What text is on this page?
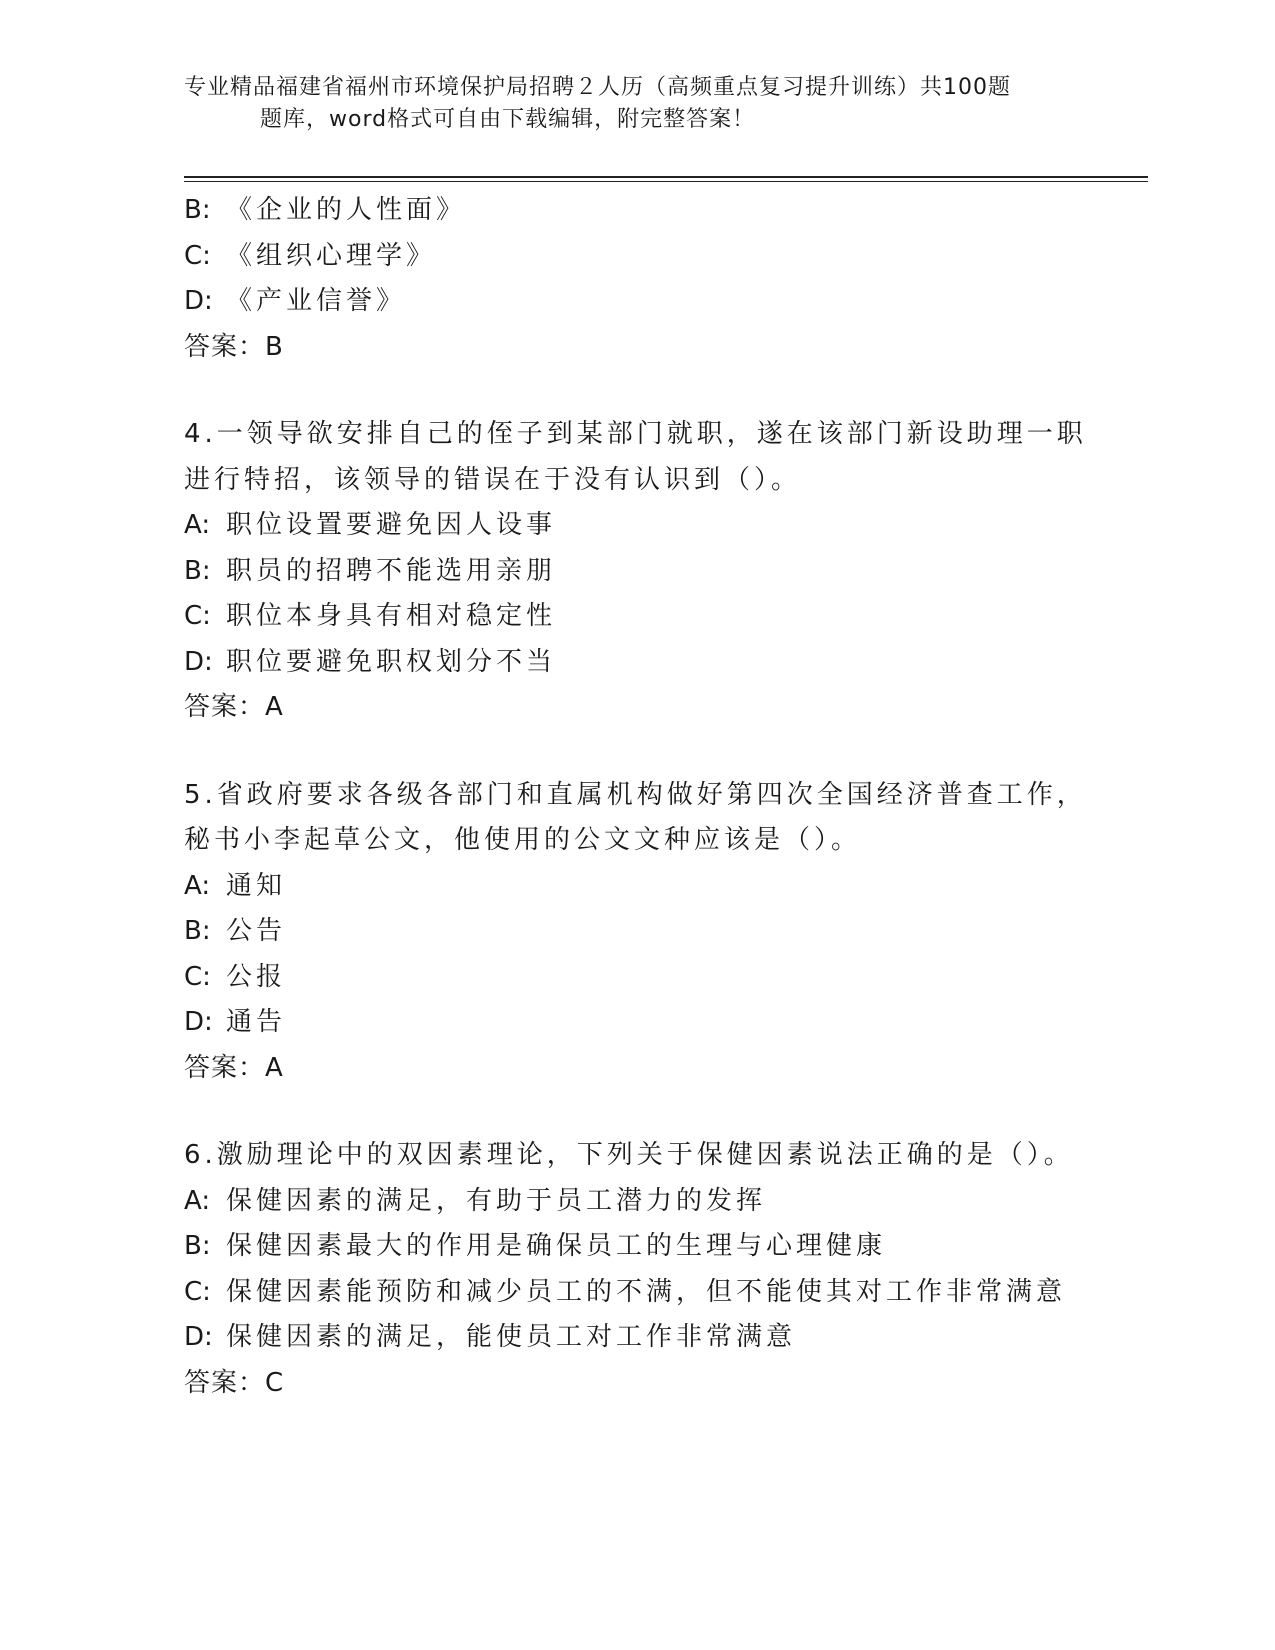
专业精品福建省福州市环境保护局招聘２人历（高频重点复习提升训练）共100题
题库，word格式可自由下载编辑，附完整答案！
B: 《企业的人性面》
C: 《组织心理学》
D: 《产业信誉》
答案：B
4.一领导欲安排自己的侄子到某部门就职，遂在该部门新设助理一职
进行特招，该领导的错误在于没有认识到（）。
A: 职位设置要避免因人设事
B: 职员的招聘不能选用亲朋
C: 职位本身具有相对稳定性
D: 职位要避免职权划分不当
答案：A
5.省政府要求各级各部门和直属机构做好第四次全国经济普查工作，
秘书小李起草公文，他使用的公文文种应该是（）。
A: 通知
B: 公告
C: 公报
D: 通告
答案：A
6.激励理论中的双因素理论，下列关于保健因素说法正确的是（）。
A: 保健因素的满足，有助于员工潜力的发挥
B: 保健因素最大的作用是确保员工的生理与心理健康
C: 保健因素能预防和减少员工的不满，但不能使其对工作非常满意
D: 保健因素的满足，能使员工对工作非常满意
答案：C
